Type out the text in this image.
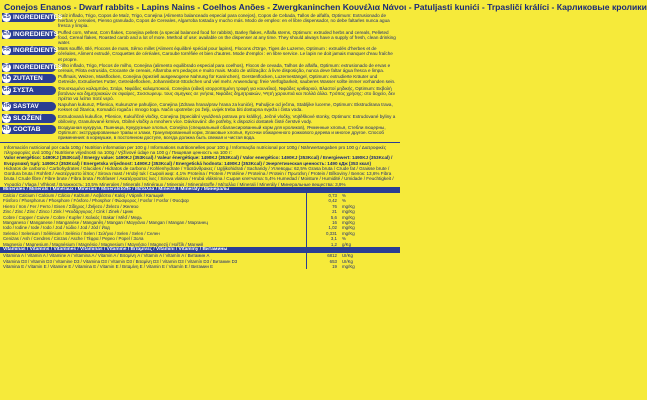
Conejos Enanos - Dwarf rabbits - Lapins Nains - Coelhos Anões - Zwergkaninchen Κουνέλια Νάνοι - Patuljasti kunići - Trpasličí králíci - Карликовые кролики
ES INGREDIENTES
Maíz inflado, Trigo, Copos de Maíz, Trigo, Conejina (Alimento balanceado especial para conejos), Copos de Cebada, Tallos de alfalfa, Optimum: Extrusionado de hierbas y cereales, Pienso granulado, Copos de Cereales, Algarroba tostada y mucho más. Modo de empleo: en el libre dispensador, no debe faltarles nunca agua fresca y limpia.
EN INGREDIENTS Puffed corn, Wheat, Corn flakes, Conejina pellets (a special balanced food for rabbits), Barley flakes, Alfalfa stems, Optimum: extruded herbs and cereals, Pelleted food, Cereal flakes, Roasted carob and a lot of more. Method of use: available on the dispenser at any time. They should always have a supply of fresh, clean drinking water.
FR INGRÉDIENTS Maïs soufflé, Blé, Flocons de maïs, Sêmo millet (Aliment équilibré spécial pour lapins), Flocons d'Orge, Tiges de Luzerne, Optimum : extrudés d'herbes et de céréales, Aliment extrudé, Croquettes de céréales, Caroube torréfiée et bien d'autres. Mode d'emploi : en libre service. Le lapin ne doit jamais manquer d'eau fraîche et propre.
PT INGREDIENTES
Milho inflado, Trigo, Flocos de milho, Conejina (alimento equilibrado especial para coelhos), Flocos de cevada, Talhos de alfalfa, Optimum: extrusionado de ervas e cereais, Pilota extrusida, Crocante de cereais, Alfarroba em pedaços e muito mais. Modo de utilização: à livre disposição, nunca deve faltar água fresca e limpa.
DE ZUTATEN	Puffmais, Weizen, Maisflocken, Conejina (speziell ausgewogene Nahrung für Kaninchen), Gerstenflocken, Luzernestängel, Optimum: extrudierte Kräuter und Getreide, Extrudiertes Futter, Getreideflocken, Johannisbrot-Stückchen und viel mehr. Anwendung: freie Verfügbarkeit, sauberes Wasser sollte immer vorhanden sein.
GR ΣΥΣΤΑ	Φουσκωμένο καλαμπόκι, Σιτάρι, Νιφάδες καλαμποκιού, Conejina (ειδική ισορροπημένη τροφή για κουνέλια), Νιφάδες κριθαριού, Βλαστοί μηδικής, Optimum: Εκβολή βοτάνων και δημητριακών σε σφαίρες, Συσσωρευμ. τους σιμηγκες σε γνήσια, Νιφάδες δημητριακών, Ψητή χαρουπιά και πολλά άλλα. Τρόπος χρήσης: στο δοχείο, δεν πρέπει να λείπει ποτέ νερό.
HR SASTAV	Napuhan kukuruz, Pšenica, Kukuruzne pahuljice, Conejina (Zdrava hrana/prav hrana za kuniće), Pahuljice od ječma, Stabljike lucerne, Optimum: Ekstrudirana trava, Kekset od žitarica, Komadići rogača i mnogo toga. Način upotrebe: po želji, uvijek treba biti dostupna svježa i čista voda.
CZ SLOŽENÍ	Extrudovaná kukuřice, Pšenice, Kukuřičné vločky, Conejina (Speciální vyvážená potrava pro králíky), Ječné vločky, Vojtěškové stonky, Optimum: Extrudované byliny a obiloviny, Granulované krmivo, Obilné vločky a mnohem více. Dávkování: dle potřeby, k dispozici dostatek čisté čerstvé vody.
RU СОСТАВ	Воздушная кукуруза, Пшеница, Кукурузные хлопья, Conejina (специальный сбалансированный корм для кроликов), Ячменные хлопья, Стебли люцерны, Optimum: экструдированные травы и злаки, Гранулированный корм, Злаковые хлопья, Кусочки обжаренного рожкового дерева и многое другое. Способ применения: в кормушке, в постоянном доступе, всегда должна быть свежая и чистая вода.
Información nutricional por cada 100g / Nutrition information per 100 g / Informations nutritionnelles pour 100 g / Informação nutricional por 100g / Nährwertangaben pro 100 g / Διατροφικές πληροφορίες ανά 100g / Nutritivne vrijednosti na 100g / Výživové údaje na 100 g / Пищевая ценность на 100 г:
Valor energético: 1490KJ (353Kcal) / Energy value: 1490KJ (353Kcal) / Valeur énergétique: 1490KJ (353Kcal) / Valor energético: 1490KJ (353Kcal) / Energiewert: 1490KJ (353Kcal) / Ενεργειακή τιμή: 1490KJ (353Kcal) / Energetska vrijednost: 1490KJ (353Kcal) / Energetická hodnota: 1490KJ (353Kcal) / Энергетическая ценность: 1490 кДж (353 ккал)
Hidratos de carbono / Carbohydrates / Glucides / Hidratos de carbono / Kohlenhydrate / Υδατάνθρακες / Ugljikohidrati / Sacharidy / Углеводы: 62,5% Grasa bruta / Crude fat / Graisse brute / Gordura bruta / Rohfett / Ακατέργαστο λίπος / Sirova mast / Hrubý tuk / Сырой жир: 4,1% Proteína / Protein / Protéine / Proteína / Protein / Πρωτεΐνη / Protein / Bílkoviny / Белок: 13,6% Fibra bruta / Crude fibre / Fibre brute / Fibra bruta / Rohfaser / Ακατέργαστες ίνες / Sirova vlakna / Hrubá vláknina / Сырая клетчатка: 5,4% Humedad / Moisture / Humidité / Umidade / Feuchtigkeit / Υγρασία / Vlaga / Vlhkost / Влажность: 10,5% Minerales / Minerals / Minéraux / Minerais / Mineralstoffe / Μέταλλα / Minerali / Minerály / Минеральные вещества: 3,9%
Minerales / Minerals / Minéraux / Minerais / Mineralstoffe / Μέταλλα / Minerali / Minerály / Минералы
Calcio / Calcium / Calcium / Cálcio / Kalzium / Ασβέστιο / Kalcij / Vápník / Кальций	0,73	%
Fósforo / Phosphorus / Phosphore / Fósforo / Phosphor / Φώσφορος / Fosfor / Fosfor / Фосфор	0,42	%
Hierro / Iron / Fer / Ferro / Eisen / Σίδηρος / Željezo / Železo / Железо	76	mg/Kg
Zinc / Zinc / Zinc / Zinco / Zink / Ψευδάργυρος / Cink / Zinek / Цинк	21	mg/Kg
Cobre / Copper / Cuivre / Cobre / Kupfer / Χαλκός / Bakar / Měď / Медь	5,6	mg/Kg
Manganeso / Manganese / Manganèse / Manganês / Mangan / Μαγγάνιο / Mangan / Mangan / Марганец	16	mg/Kg
Iodo / Iodine / Iode / Iodo / Jod / Ιώδιο / Jod / Jód / Йод	1,02	mg/Kg
Selenio / Selenium / Sélénium / Selénio / Selen / Σελήνιο / Selen / Selen / Селен	0,331	mg/Kg
Cenizas / Ash / Cendres / Cinzas / Asche / Τέφρα / Pepeo / Popel / Зола	3,1	%
Magnesio / Magnesium / Magnésium / Magnésio / Magnesium / Μαγνήσιο / Magnezij / Hořčík / Магний	1,2	g/Kg
Vitaminas / Vitamins / Vitamines / Vitaminas / Vitamine / Βιταμίνες / Vitamini / Vitamíny / Витамины
Vitamina A / Vitamin A / Vitamine A / Vitamina A / Vitamin A / Βιταμίνη A / Vitamin A / Vitamín A / Витамин A	6812	UI/Kg
Vitamina D3 / Vitamin D3 / Vitamine D3 / Vitamina D3 / Vitamin D3 / Βιταμίνη D3 / Vitamin D3 / Vitamín D3 / Витамин D3	653	UI/Kg
Vitamina E / Vitamin E / Vitamine E / Vitamina E / Vitamin E / Βιταμίνη E / Vitamin E / Vitamín E / Витамин E	19	mg/Kg
